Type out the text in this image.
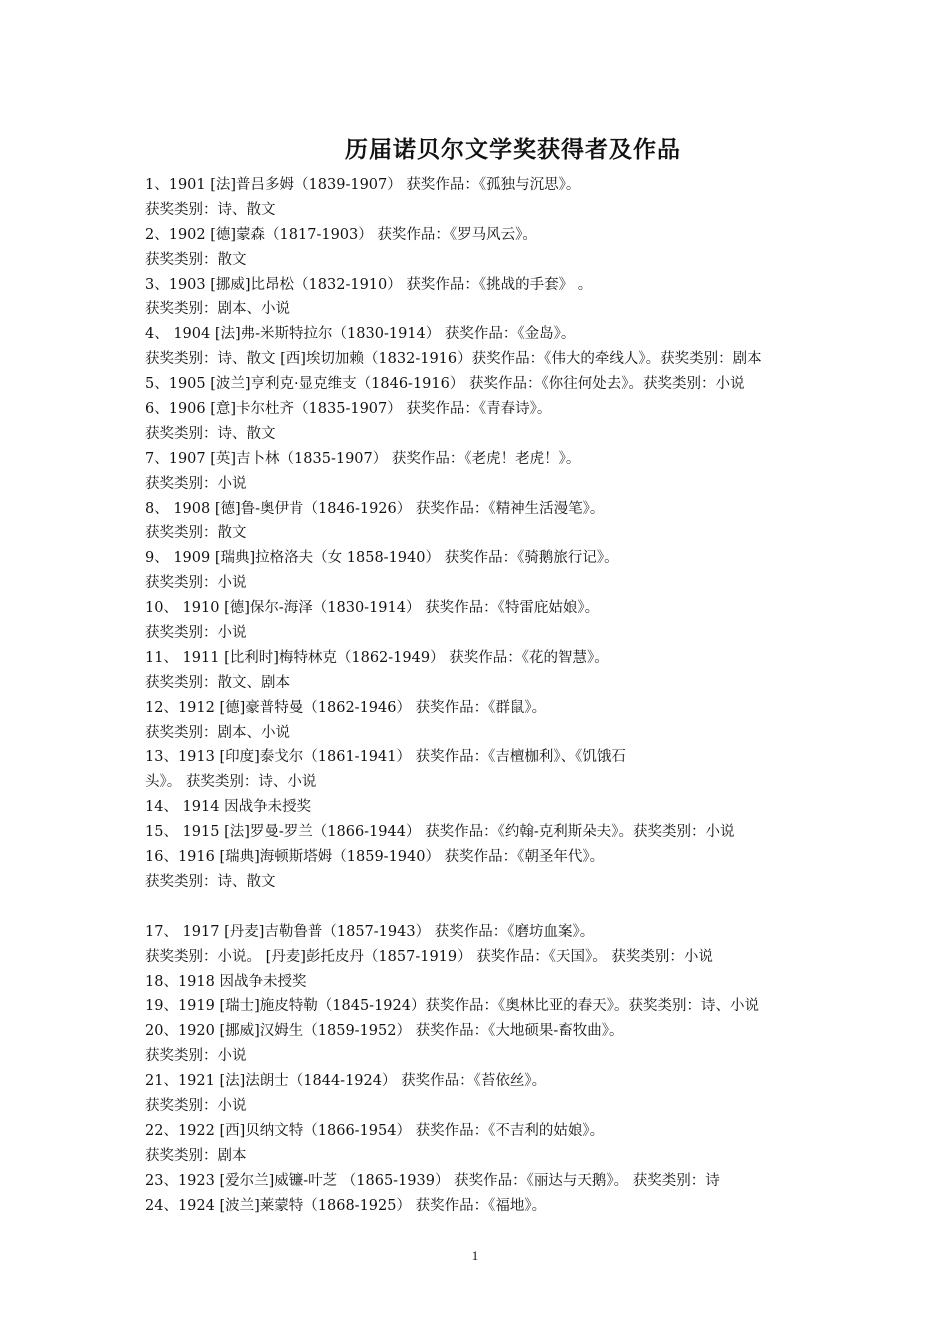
历届诺贝尔文学奖获得者及作品
1、1901 [法]普吕多姆（1839-1907） 获奖作品：《孤独与沉思》。
获奖类别：诗、散文
2、1902 [德]蒙森（1817-1903） 获奖作品：《罗马风云》。
获奖类别：散文
3、1903 [挪威]比昂松（1832-1910） 获奖作品：《挑战的手套》 。
获奖类别：剧本、小说
4、 1904 [法]弗-米斯特拉尔（1830-1914） 获奖作品：《金岛》。
获奖类别：诗、散文 [西]埃切加赖（1832-1916）获奖作品：《伟大的牵线人》。获奖类别：剧本
5、1905 [波兰]亨利克·显克维支（1846-1916） 获奖作品：《你往何处去》。获奖类别：小说
6、1906 [意]卡尔杜齐（1835-1907） 获奖作品：《青春诗》。
获奖类别：诗、散文
7、1907 [英]吉卜林（1835-1907） 获奖作品：《老虎！老虎！》。
获奖类别：小说
8、 1908 [德]鲁-奥伊肯（1846-1926） 获奖作品：《精神生活漫笔》。
获奖类别：散文
9、 1909 [瑞典]拉格洛夫（女 1858-1940） 获奖作品：《骑鹅旅行记》。
获奖类别：小说
10、 1910 [德]保尔-海泽（1830-1914） 获奖作品：《特雷庇姑娘》。
获奖类别：小说
11、 1911 [比利时]梅特林克（1862-1949） 获奖作品：《花的智慧》。
获奖类别：散文、剧本
12、1912 [德]豪普特曼（1862-1946） 获奖作品：《群鼠》。
获奖类别：剧本、小说
13、1913 [印度]泰戈尔（1861-1941） 获奖作品：《吉檀枷利》、《饥饿石
头》。 获奖类别：诗、小说
14、 1914 因战争未授奖
15、 1915 [法]罗曼-罗兰（1866-1944） 获奖作品：《约翰-克利斯朵夫》。获奖类别：小说
16、1916 [瑞典]海顿斯塔姆（1859-1940） 获奖作品：《朝圣年代》。
获奖类别：诗、散文
17、 1917 [丹麦]吉勒鲁普（1857-1943） 获奖作品：《磨坊血案》。
获奖类别：小说。 [丹麦]彭托皮丹（1857-1919） 获奖作品：《天国》。 获奖类别：小说
18、1918 因战争未授奖
19、1919 [瑞士]施皮特勒（1845-1924）获奖作品：《奥林比亚的春天》。获奖类别：诗、小说
20、1920 [挪威]汉姆生（1859-1952） 获奖作品：《大地硕果-畜牧曲》。
获奖类别：小说
21、1921 [法]法朗士（1844-1924） 获奖作品：《苔依丝》。
获奖类别：小说
22、1922 [西]贝纳文特（1866-1954） 获奖作品：《不吉利的姑娘》。
获奖类别：剧本
23、1923 [爱尔兰]威镰-叶芝 （1865-1939） 获奖作品：《丽达与天鹅》。 获奖类别：诗
24、1924 [波兰]莱蒙特（1868-1925） 获奖作品：《福地》。
1
